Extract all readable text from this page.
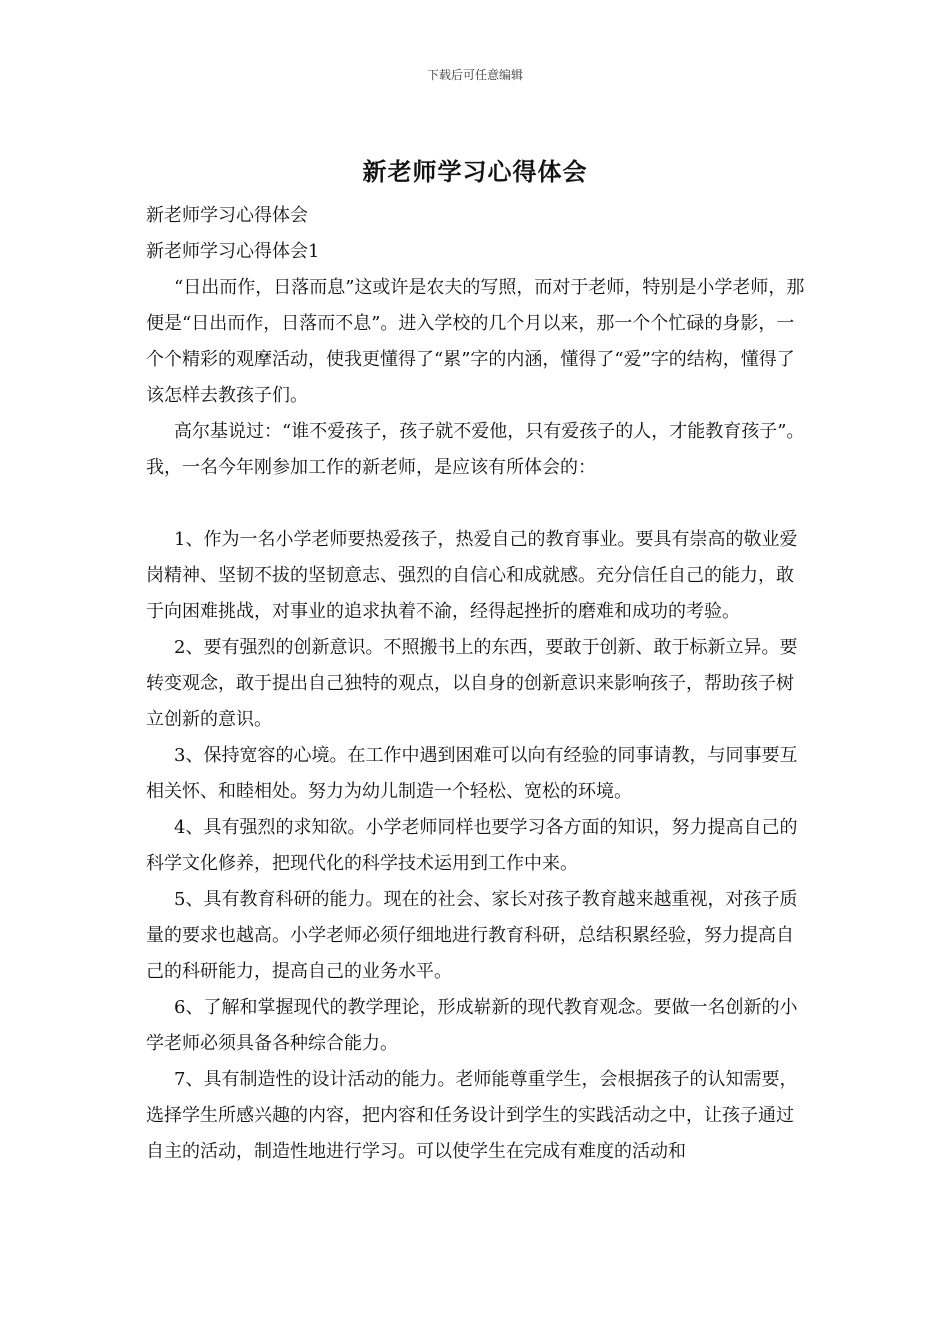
下载后可任意编辑
新老师学习心得体会

新老师学习心得体会

新老师学习心得体会1

“日出而作，日落而息”这或许是农夫的写照，而对于老师，特别是小学老师，那便是“日出而作，日落而不息”。进入学校的几个月以来，那一个个忙碌的身影，一个个精彩的观摩活动，使我更懂得了“累”字的内涵，懂得了“爱”字的结构，懂得了该怎样去教孩子们。

高尔基说过：“谁不爱孩子，孩子就不爱他，只有爱孩子的人，才能教育孩子”。我，一名今年刚参加工作的新老师，是应该有所体会的：

1、作为一名小学老师要热爱孩子，热爱自己的教育事业。要具有崇高的敬业爱岗精神、坚韧不拔的坚韧意志、强烈的自信心和成就感。充分信任自己的能力，敢于向困难挑战，对事业的追求执着不渝，经得起挫折的磨难和成功的考验。

2、要有强烈的创新意识。不照搬书上的东西，要敢于创新、敢于标新立异。要转变观念，敢于提出自己独特的观点，以自身的创新意识来影响孩子，帮助孩子树立创新的意识。

3、保持宽容的心境。在工作中遇到困难可以向有经验的同事请教，与同事要互相关怀、和睦相处。努力为幼儿制造一个轻松、宽松的环境。

4、具有强烈的求知欲。小学老师同样也要学习各方面的知识，努力提高自己的科学文化修养，把现代化的科学技术运用到工作中来。

5、具有教育科研的能力。现在的社会、家长对孩子教育越来越重视，对孩子质量的要求也越高。小学老师必须仔细地进行教育科研，总结积累经验，努力提高自己的科研能力，提高自己的业务水平。

6、了解和掌握现代的教学理论，形成崭新的现代教育观念。要做一名创新的小学老师必须具备各种综合能力。

7、具有制造性的设计活动的能力。老师能尊重学生，会根据孩子的认知需要，选择学生所感兴趣的内容，把内容和任务设计到学生的实践活动之中，让孩子通过自主的活动，制造性地进行学习。可以使学生在完成有难度的活动和
